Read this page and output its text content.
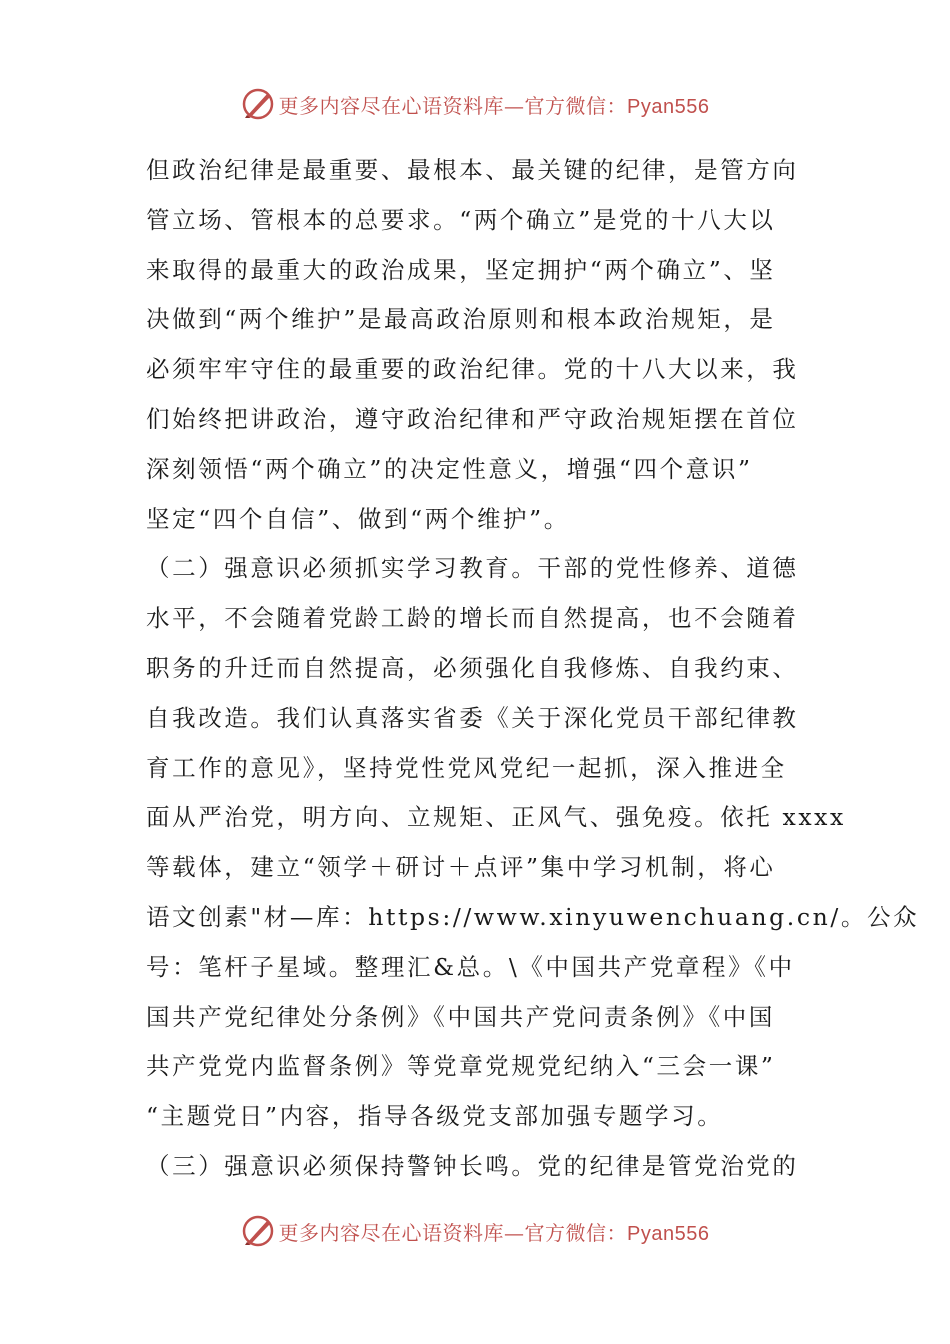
更多内容尽在心语资料库—官方微信：Pyan556
但政治纪律是最重要、最根本、最关键的纪律，是管方向
管立场、管根本的总要求。“两个确立”是党的十八大以
来取得的最重大的政治成果，坚定拥护“两个确立”、坚
决做到“两个维护”是最高政治原则和根本政治规矩，是
必须牢牢守住的最重要的政治纪律。党的十八大以来，我
们始终把讲政治，遵守政治纪律和严守政治规矩摆在首位
深刻领悟“两个确立”的决定性意义，增强“四个意识”
坚定“四个自信”、做到“两个维护”。
（二）强意识必须抓实学习教育。干部的党性修养、道德
水平，不会随着党龄工龄的增长而自然提高，也不会随着
职务的升迁而自然提高，必须强化自我修炼、自我约束、
自我改造。我们认真落实省委《关于深化党员干部纪律教
育工作的意见》，坚持党性党风党纪一起抓，深入推进全
面从严治党，明方向、立规矩、正风气、强免疫。依托 xxxx
等载体，建立“领学＋研讨＋点评”集中学习机制，将心
语文创素"材—库：https://www.xinyuwenchuang.cn/。公众
号：笔杆子星域。整理汇&总。\《中国共产党章程》《中
国共产党纪律处分条例》《中国共产党问责条例》《中国
共产党党内监督条例》等党章党规党纪纳入“三会一课”
“主题党日”内容，指导各级党支部加强专题学习。
（三）强意识必须保持警钟长鸣。党的纪律是管党治党的
更多内容尽在心语资料库—官方微信：Pyan556
